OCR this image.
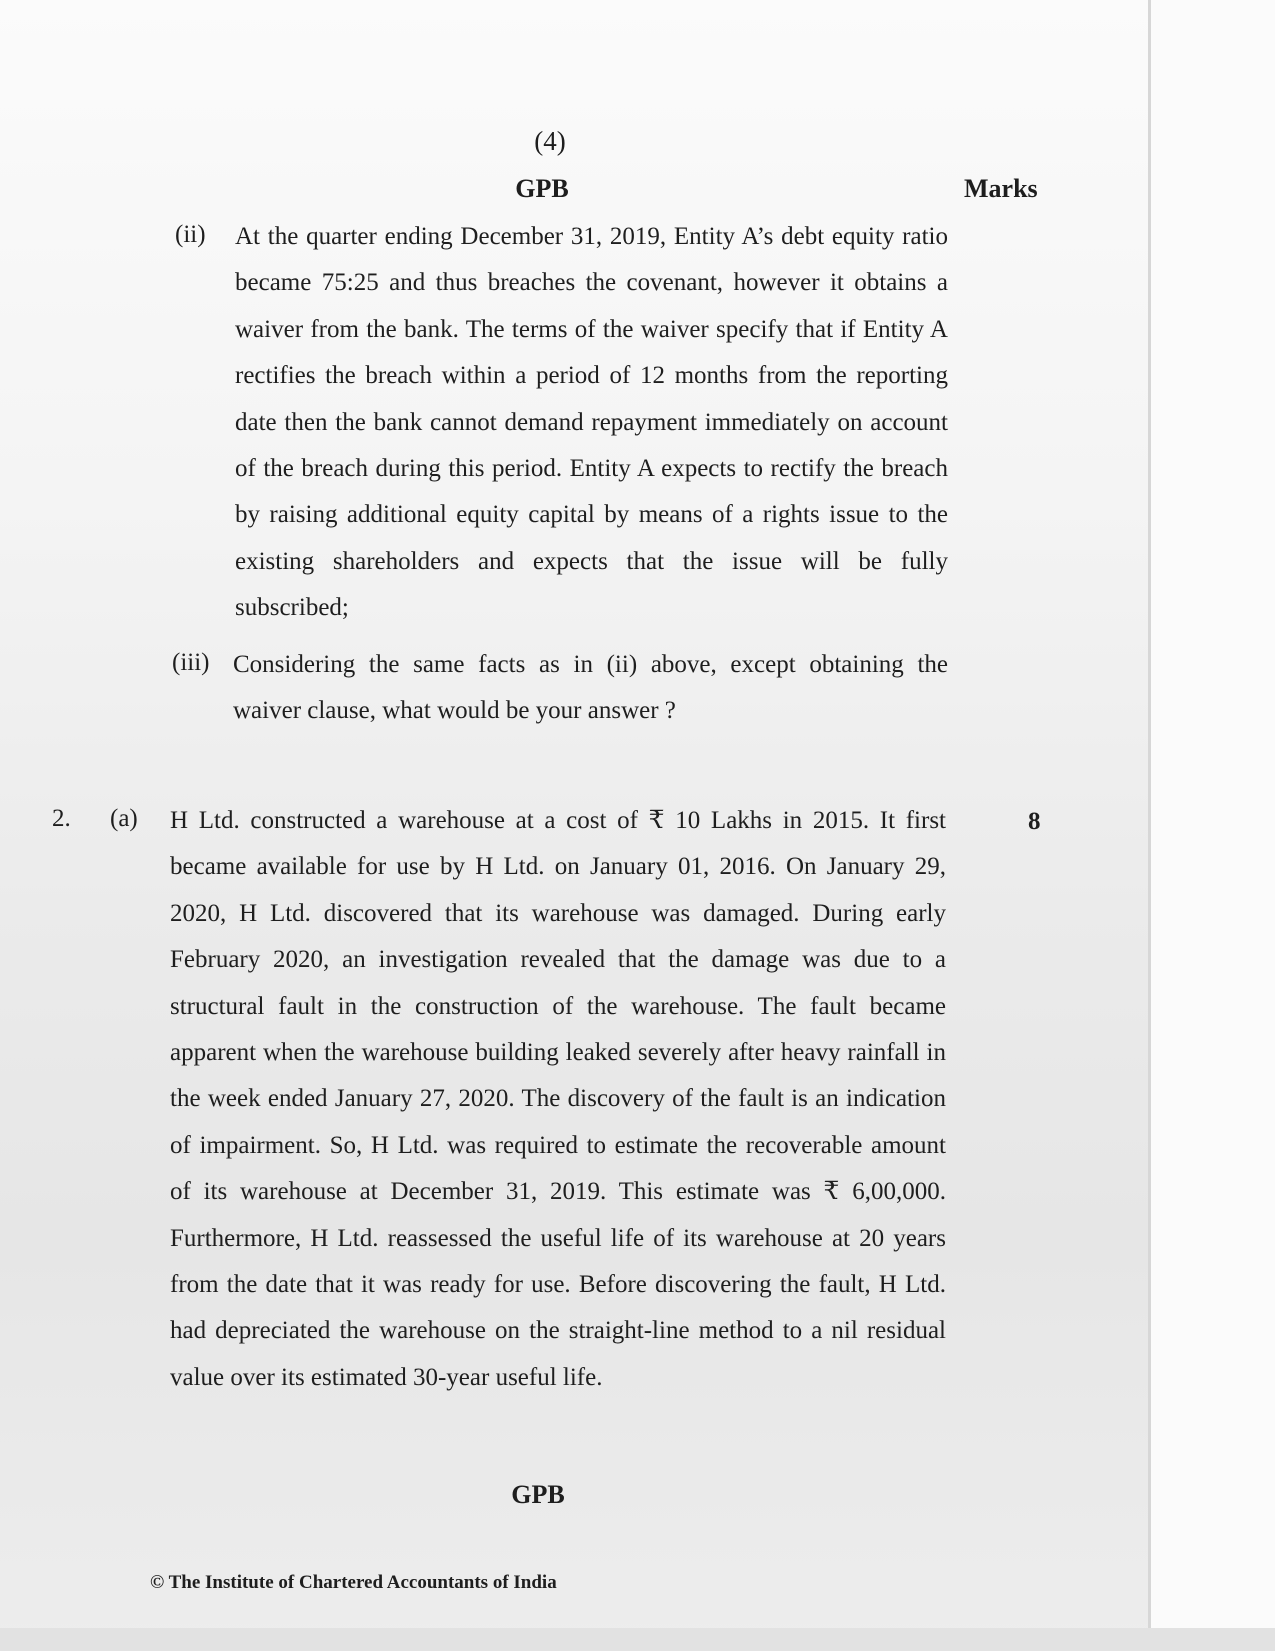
(4)
GPB	Marks
(ii) At the quarter ending December 31, 2019, Entity A’s debt equity ratio became 75:25 and thus breaches the covenant, however it obtains a waiver from the bank. The terms of the waiver specify that if Entity A rectifies the breach within a period of 12 months from the reporting date then the bank cannot demand repayment immediately on account of the breach during this period. Entity A expects to rectify the breach by raising additional equity capital by means of a rights issue to the existing shareholders and expects that the issue will be fully subscribed;
(iii) Considering the same facts as in (ii) above, except obtaining the waiver clause, what would be your answer ?
2. (a) H Ltd. constructed a warehouse at a cost of ₹ 10 Lakhs in 2015. It first became available for use by H Ltd. on January 01, 2016. On January 29, 2020, H Ltd. discovered that its warehouse was damaged. During early February 2020, an investigation revealed that the damage was due to a structural fault in the construction of the warehouse. The fault became apparent when the warehouse building leaked severely after heavy rainfall in the week ended January 27, 2020. The discovery of the fault is an indication of impairment. So, H Ltd. was required to estimate the recoverable amount of its warehouse at December 31, 2019. This estimate was ₹ 6,00,000. Furthermore, H Ltd. reassessed the useful life of its warehouse at 20 years from the date that it was ready for use. Before discovering the fault, H Ltd. had depreciated the warehouse on the straight-line method to a nil residual value over its estimated 30-year useful life.
8
GPB
© The Institute of Chartered Accountants of India
